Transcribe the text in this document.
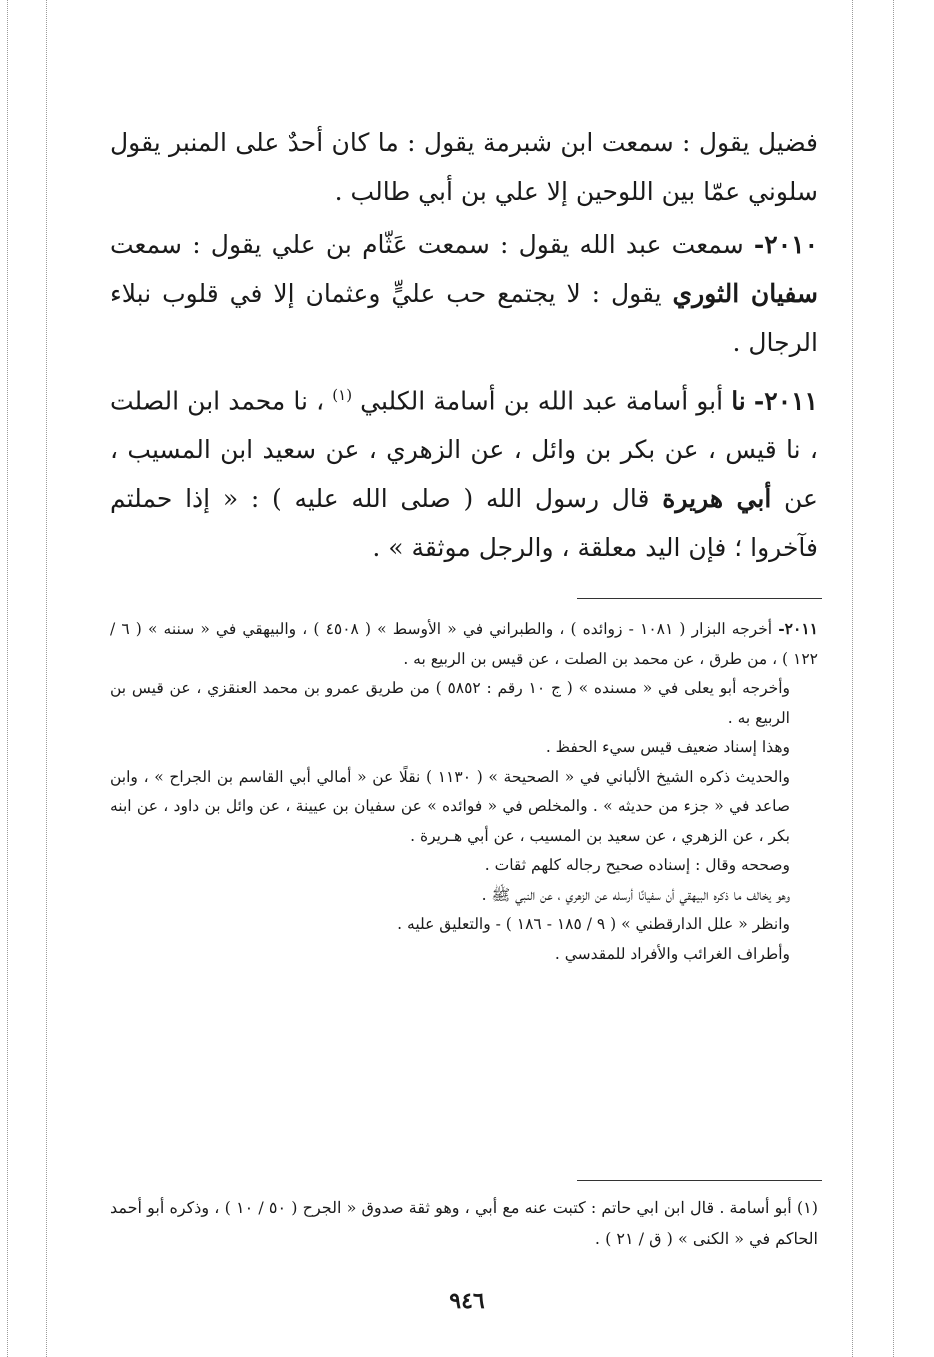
فضيل يقول : سمعت ابن شبرمة يقول : ما كان أحدٌ على المنبر يقول سلوني عمّا بين اللوحين إلا علي بن أبي طالب .

٢٠١٠- سمعت عبد الله يقول : سمعت عَثّام بن علي يقول : سمعت سفيان الثوري يقول : لا يجتمع حب عليٍّ وعثمان إلا في قلوب نبلاء الرجال .

٢٠١١- نا أبو أسامة عبد الله بن أسامة الكلبي $^{(١)}$ ، نا محمد ابن الصلت ، نا قيس ، عن بكر بن وائل ، عن الزهري ، عن سعيد ابن المسيب ، عن أبي هريرة قال رسول الله ( صلى الله عليه ) : « إذا حملتم فآخروا ؛ فإن اليد معلقة ، والرجل موثقة » .

٢٠١١- أخرجه البزار ( ١٠٨١ - زوائده ) ، والطبراني في « الأوسط » ( ٤٥٠٨ ) ، والبيهقي في « سننه » ( ٦ / ١٢٢ ) ، من طرق ، عن محمد بن الصلت ، عن قيس بن الربيع به .

وأخرجه أبو يعلى في « مسنده » ( ج ١٠ رقم : ٥٨٥٢ ) من طريق عمرو بن محمد العنقزي ، عن قيس بن الربيع به .

وهذا إسناد ضعيف قيس سيء الحفظ .

والحديث ذكره الشيخ الألباني في « الصحيحة » ( ١١٣٠ ) نقلًا عن « أمالي أبي القاسم بن الجراح » ، وابن صاعد في « جزء من حديثه » . والمخلص في « فوائده » عن سفيان بن عيينة ، عن وائل بن داود ، عن ابنه بكر ، عن الزهري ، عن سعيد بن المسيب ، عن أبي هـريرة .

وصححه وقال : إسناده صحيح رجاله كلهم ثقات .

وهو يخالف ما ذكره البيهقي أن سفيانًا أرسله عن الزهري ، عن النبي ﷺ .

وانظر « علل الدارقطني » ( ٩ / ١٨٥ - ١٨٦ ) - والتعليق عليه .

وأطراف الغرائب والأفراد للمقدسي .

(١) أبو أسامة . قال ابن ابي حاتم : كتبت عنه مع أبي ، وهو ثقة صدوق « الجرح ( ٥٠ / ١٠ ) ، وذكره أبو أحمد الحاكم في « الكنى » ( ق / ٢١ ) .

٩٤٦
